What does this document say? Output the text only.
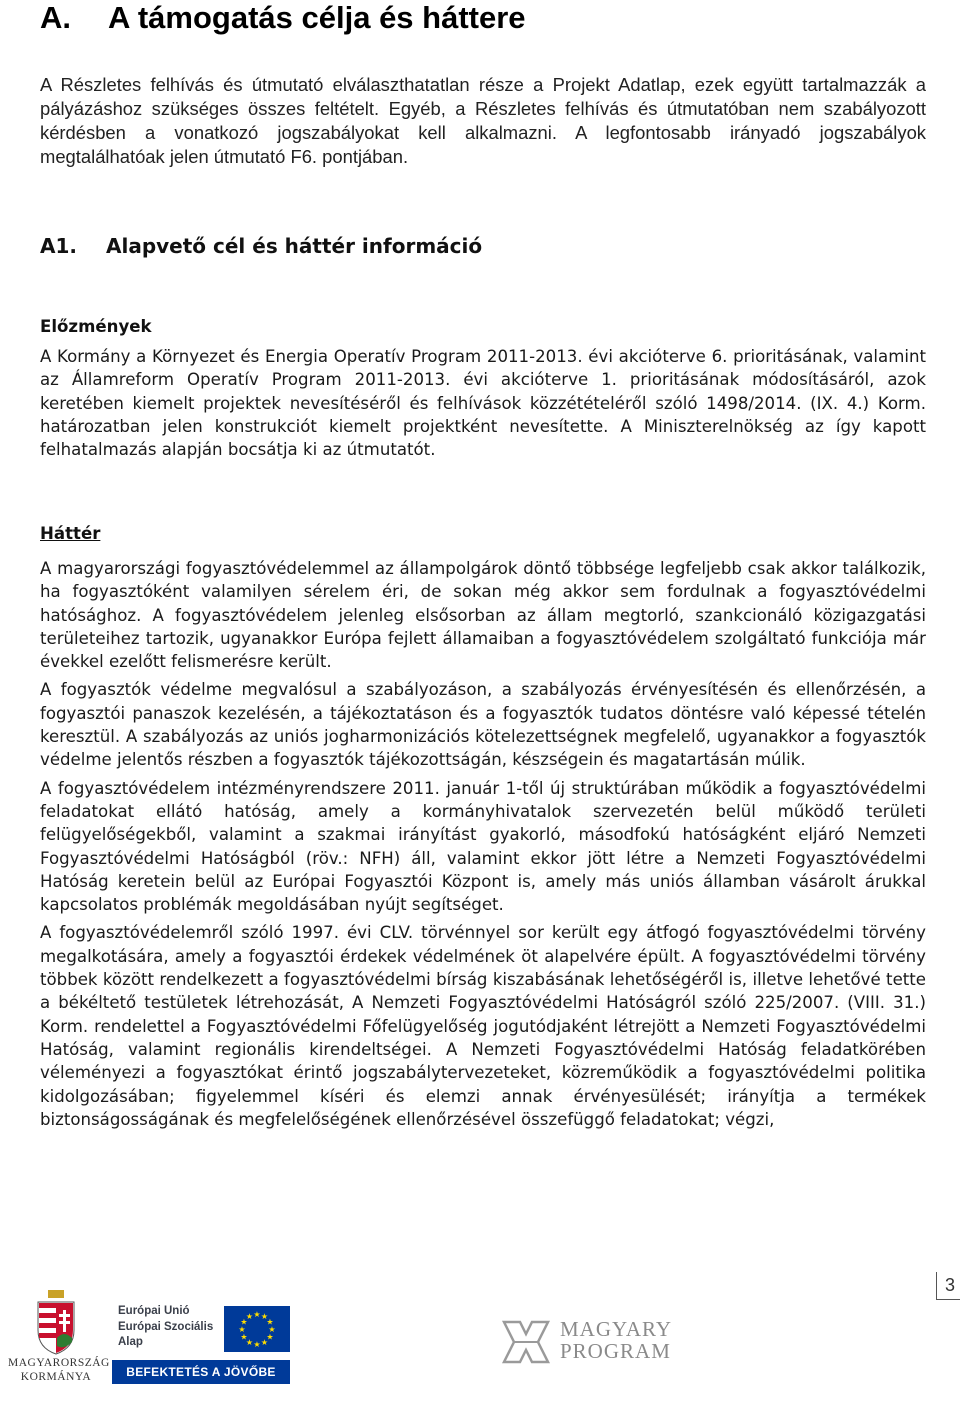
A. A támogatás célja és háttere

A Részletes felhívás és útmutató elválaszthatatlan része a Projekt Adatlap, ezek együtt tartalmazzák a pályázáshoz szükséges összes feltételt. Egyéb, a Részletes felhívás és útmutatóban nem szabályozott kérdésben a vonatkozó jogszabályokat kell alkalmazni. A legfontosabb irányadó jogszabályok megtalálhatóak jelen útmutató F6. pontjában.

A1. Alapvető cél és háttér információ
Előzmények

A Kormány a Környezet és Energia Operatív Program 2011-2013. évi akcióterve 6. prioritásának, valamint az Államreform Operatív Program 2011-2013. évi akcióterve 1. prioritásának módosításáról, azok keretében kiemelt projektek nevesítéséről és felhívások közzétételéről szóló 1498/2014. (IX. 4.) Korm. határozatban jelen konstrukciót kiemelt projektként nevesítette. A Miniszterelnökség az így kapott felhatalmazás alapján bocsátja ki az útmutatót.

Háttér

A magyarországi fogyasztóvédelemmel az állampolgárok döntő többsége legfeljebb csak akkor találkozik, ha fogyasztóként valamilyen sérelem éri, de sokan még akkor sem fordulnak a fogyasztóvédelmi hatósághoz. A fogyasztóvédelem jelenleg elsősorban az állam megtorló, szankcionáló közigazgatási területeihez tartozik, ugyanakkor Európa fejlett államaiban a fogyasztóvédelem szolgáltató funkciója már évekkel ezelőtt felismerésre került.

A fogyasztók védelme megvalósul a szabályozáson, a szabályozás érvényesítésén és ellenőrzésén, a fogyasztói panaszok kezelésén, a tájékoztatáson és a fogyasztók tudatos döntésre való képessé tételén keresztül. A szabályozás az uniós jogharmonizációs kötelezettségnek megfelelő, ugyanakkor a fogyasztók védelme jelentős részben a fogyasztók tájékozottságán, készségein és magatartásán múlik.

A fogyasztóvédelem intézményrendszere 2011. január 1-től új struktúrában működik a fogyasztóvédelmi feladatokat ellátó hatóság, amely a kormányhivatalok szervezetén belül működő területi felügyelőségekből, valamint a szakmai irányítást gyakorló, másodfokú hatóságként eljáró Nemzeti Fogyasztóvédelmi Hatóságból (röv.: NFH) áll, valamint ekkor jött létre a Nemzeti Fogyasztóvédelmi Hatóság keretein belül az Európai Fogyasztói Központ is, amely más uniós államban vásárolt árukkal kapcsolatos problémák megoldásában nyújt segítséget.

A fogyasztóvédelemről szóló 1997. évi CLV. törvénnyel sor került egy átfogó fogyasztóvédelmi törvény megalkotására, amely a fogyasztói érdekek védelmének öt alapelvére épült. A fogyasztóvédelmi törvény többek között rendelkezett a fogyasztóvédelmi bírság kiszabásának lehetőségéről is, illetve lehetővé tette a békéltető testületek létrehozását, A Nemzeti Fogyasztóvédelmi Hatóságról szóló 225/2007. (VIII. 31.) Korm. rendelettel a Fogyasztóvédelmi Főfelügyelőség jogutódjaként létrejött a Nemzeti Fogyasztóvédelmi Hatóság, valamint regionális kirendeltségei. A Nemzeti Fogyasztóvédelmi Hatóság feladatkörében véleményezi a fogyasztókat érintő jogszabálytervezeteket, közreműködik a fogyasztóvédelmi politika kidolgozásában; figyelemmel kíséri és elemzi annak érvényesülését; irányítja a termékek biztonságosságának és megfelelőségének ellenőrzésével összefüggő feladatokat; végzi,

3
MAGYARORSZÁG
KORMÁNYA
Európai Unió
Európai Szociális
Alap
★
★
★
★
★
★
★
★
★ ★ ★
★
BEFEKTETÉS A JÖVŐBE
MAGYARY
PROGRAM
